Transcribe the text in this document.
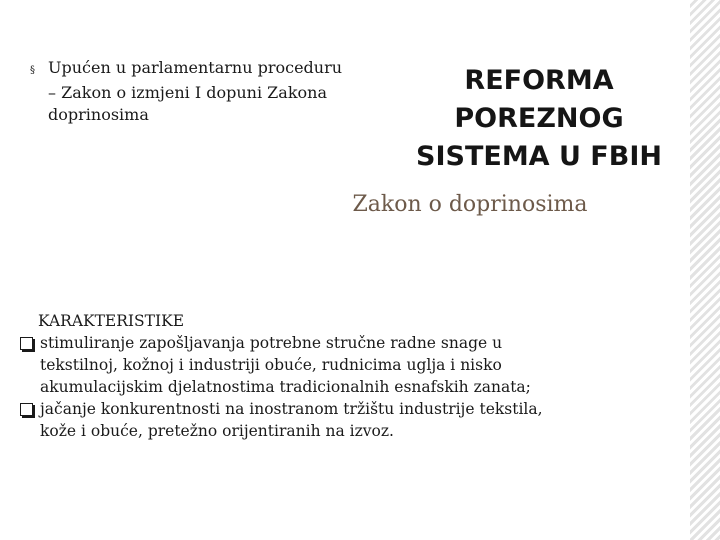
§ Upućen u parlamentarnu proceduru
– Zakon o izmjeni I dopuni Zakona
doprinosima
REFORMA
POREZNOG
SISTEMA U FBIH
Zakon o doprinosima
KARAKTERISTIKE
stimuliranje zapošljavanja potrebne stručne radne snage u
tekstilnoj, kožnoj i industriji obuće, rudnicima uglja i nisko
akumulacijskim djelatnostima tradicionalnih esnafskih zanata;
jačanje konkurentnosti na inostranom tržištu industrije tekstila,
kože i obuće, pretežno orijentiranih na izvoz.
